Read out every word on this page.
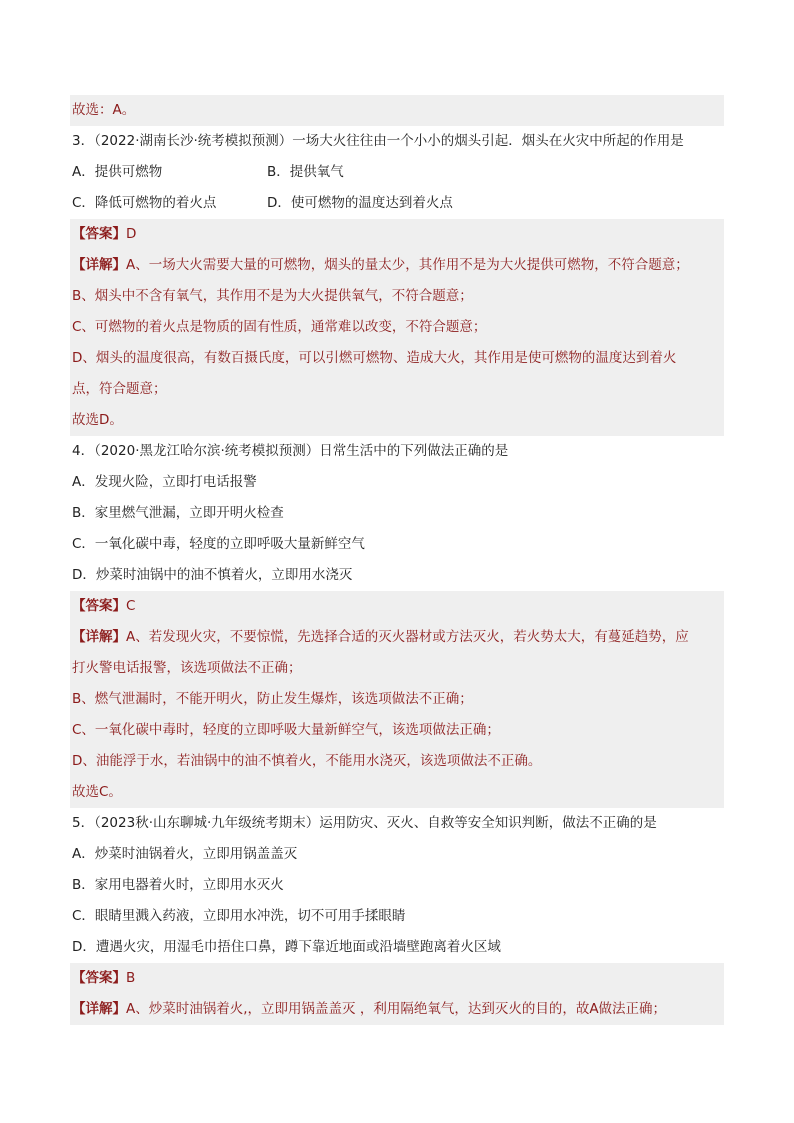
故选：A。
3．（2022·湖南长沙·统考模拟预测）一场大火往往由一个小小的烟头引起．烟头在火灾中所起的作用是
A．提供可燃物	B．提供氧气
C．降低可燃物的着火点	D．使可燃物的温度达到着火点
【答案】D
【详解】A、一场大火需要大量的可燃物，烟头的量太少，其作用不是为大火提供可燃物，不符合题意；
B、烟头中不含有氧气，其作用不是为大火提供氧气，不符合题意；
C、可燃物的着火点是物质的固有性质，通常难以改变，不符合题意；
D、烟头的温度很高，有数百摄氏度，可以引燃可燃物、造成大火，其作用是使可燃物的温度达到着火
点，符合题意；
故选D。
4．（2020·黑龙江哈尔滨·统考模拟预测）日常生活中的下列做法正确的是
A．发现火险，立即打电话报警
B．家里燃气泄漏，立即开明火检查
C．一氧化碳中毒，轻度的立即呼吸大量新鲜空气
D．炒菜时油锅中的油不慎着火，立即用水浇灭
【答案】C
【详解】A、若发现火灾，不要惊慌，先选择合适的灭火器材或方法灭火，若火势太大，有蔓延趋势，应
打火警电话报警，该选项做法不正确；
B、燃气泄漏时，不能开明火，防止发生爆炸，该选项做法不正确；
C、一氧化碳中毒时，轻度的立即呼吸大量新鲜空气，该选项做法正确；
D、油能浮于水，若油锅中的油不慎着火，不能用水浇灭，该选项做法不正确。
故选C。
5．（2023秋·山东聊城·九年级统考期末）运用防灾、灭火、自救等安全知识判断，做法不正确的是
A．炒菜时油锅着火，立即用锅盖盖灭
B．家用电器着火时，立即用水灭火
C．眼睛里溅入药液，立即用水冲洗，切不可用手揉眼睛
D．遭遇火灾，用湿毛巾捂住口鼻，蹲下靠近地面或沿墙壁跑离着火区域
【答案】B
【详解】A、炒菜时油锅着火,，立即用锅盖盖灭 ，利用隔绝氧气，达到灭火的目的，故A做法正确；
